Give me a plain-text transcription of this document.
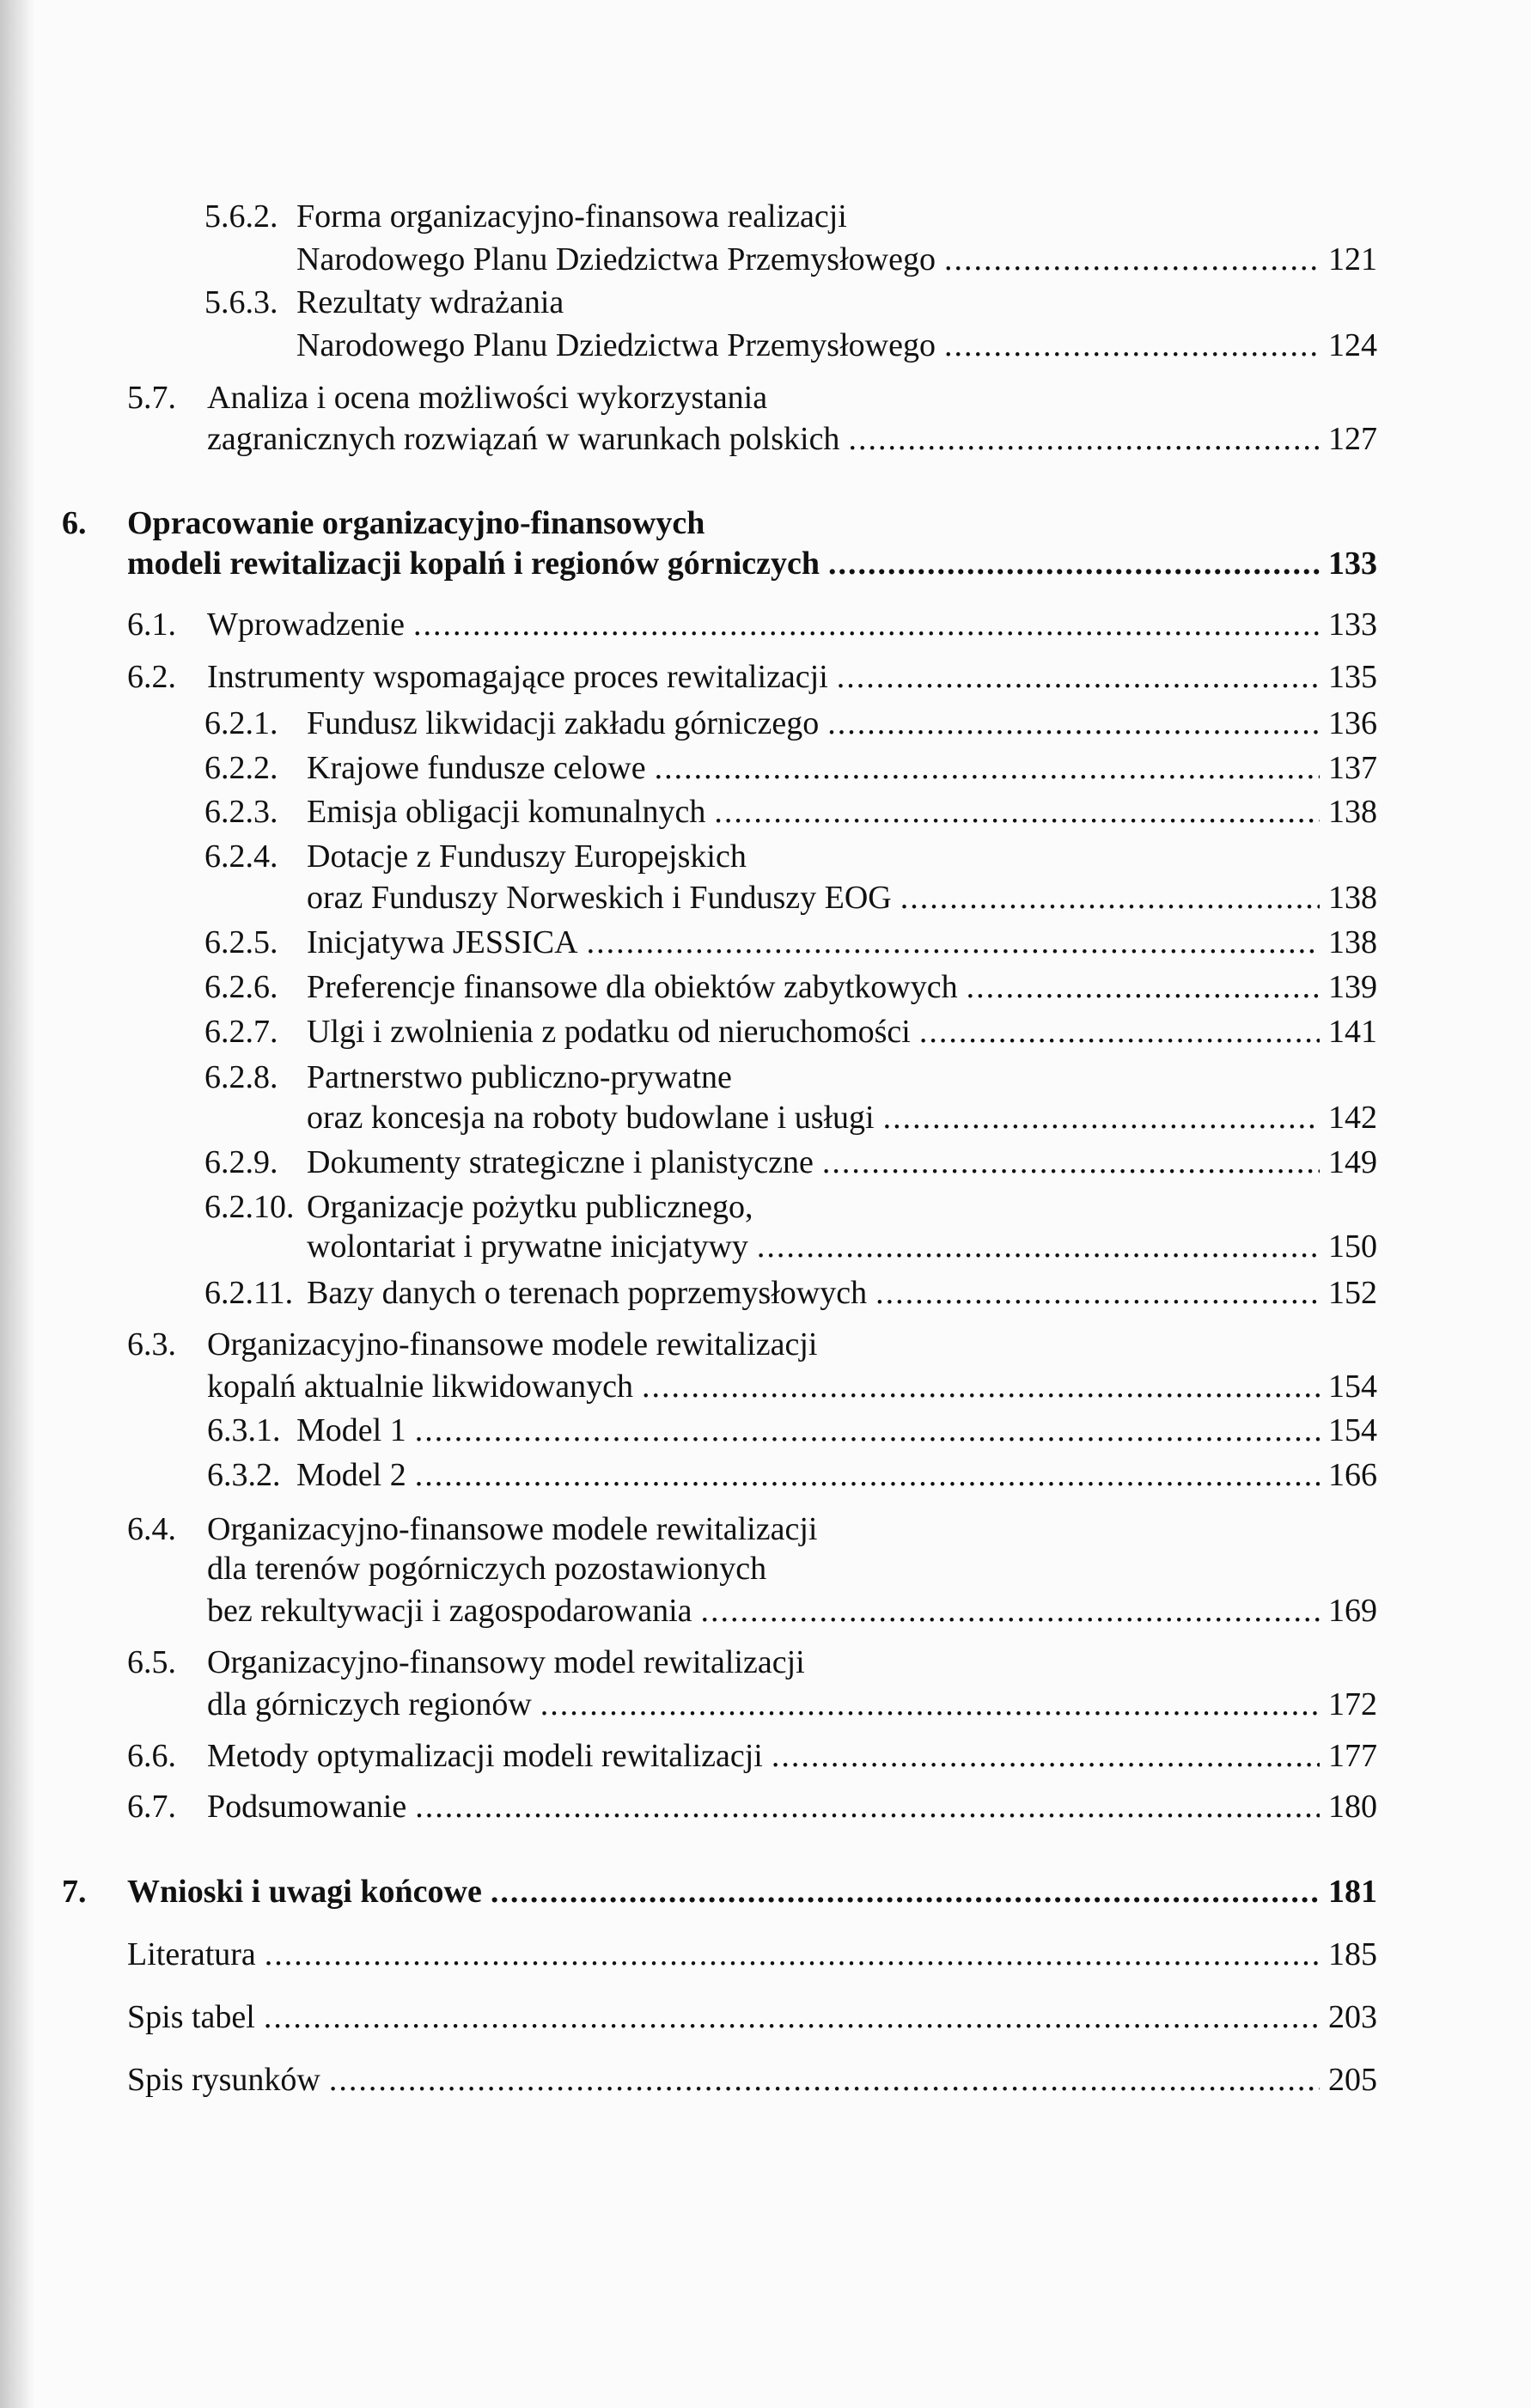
5.6.2. Forma organizacyjno-finansowa realizacji
Narodowego Planu Dziedzictwa Przemysłowego .....	121
5.6.3. Rezultaty wdrażania
Narodowego Planu Dziedzictwa Przemysłowego .....	124
5.7. Analiza i ocena możliwości wykorzystania
zagranicznych rozwiązań w warunkach polskich .....	127
6. Opracowanie organizacyjno-finansowych
modeli rewitalizacji kopalń i regionów górniczych .....	133
6.1. Wprowadzenie .....	133
6.2. Instrumenty wspomagające proces rewitalizacji .....	135
6.2.1. Fundusz likwidacji zakładu górniczego .....	136
6.2.2. Krajowe fundusze celowe .....	137
6.2.3. Emisja obligacji komunalnych .....	138
6.2.4. Dotacje z Funduszy Europejskich
oraz Funduszy Norweskich i Funduszy EOG .....	138
6.2.5. Inicjatywa JESSICA .....	138
6.2.6. Preferencje finansowe dla obiektów zabytkowych .....	139
6.2.7. Ulgi i zwolnienia z podatku od nieruchomości .....	141
6.2.8. Partnerstwo publiczno-prywatne
oraz koncesja na roboty budowlane i usługi .....	142
6.2.9. Dokumenty strategiczne i planistyczne .....	149
6.2.10. Organizacje pożytku publicznego,
wolontariat i prywatne inicjatywy .....	150
6.2.11. Bazy danych o terenach poprzemysłowych .....	152
6.3. Organizacyjno-finansowe modele rewitalizacji
kopalń aktualnie likwidowanych .....	154
6.3.1. Model 1 .....	154
6.3.2. Model 2 .....	166
6.4. Organizacyjno-finansowe modele rewitalizacji
dla terenów pogórniczych pozostawionych
bez rekultywacji i zagospodarowania .....	169
6.5. Organizacyjno-finansowy model rewitalizacji
dla górniczych regionów .....	172
6.6. Metody optymalizacji modeli rewitalizacji .....	177
6.7. Podsumowanie .....	180
7. Wnioski i uwagi końcowe .....	181
Literatura .....	185
Spis tabel .....	203
Spis rysunków .....	205
